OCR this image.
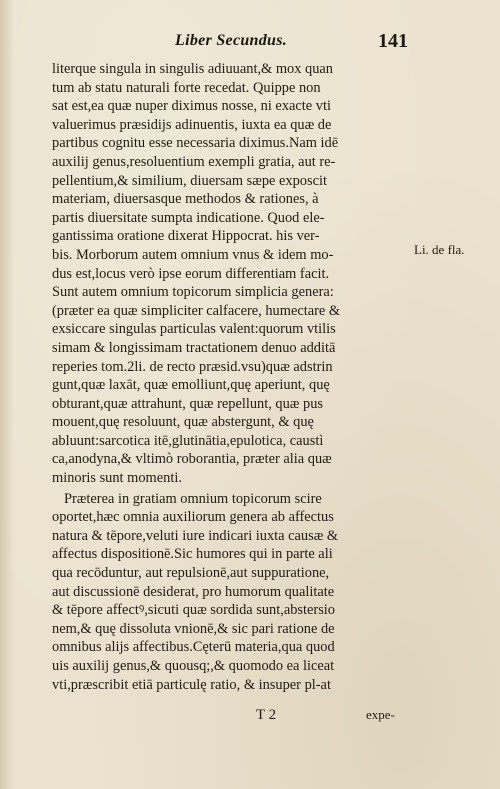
Liber Secundus.	141
literque singula in singulis adiuuant,& mox quan
tum ab statu naturali forte recedat. Quippe non
sat est,ea quæ nuper diximus nosse, ni exacte vti
valuerimus præsidijs adinuentis, iuxta ea quæ de
partibus cognitu esse necessaria diximus.Nam idē
auxilij genus,resoluentium exempli gratia, aut re-
pellentium,& similium, diuersam sæpe exposcit
materiam, diuersasque methodos & rationes, à
partis diuersitate sumpta indicatione. Quod ele-
gantissima oratione dixerat Hippocrat. his ver-
bis. Morborum autem omnium vnus & idem mo-
dus est,locus verò ipse eorum differentiam facit.
Sunt autem omnium topicorum simplicia genera:
(præter ea quæ simpliciter calfacere, humectare &
exsiccare singulas particulas valent:quorum vtilis
simam & longissimam tractationem denuo additā
reperies tom.2li. de recto præsid.vsu)quæ adstrin
gunt,quæ laxāt, quæ emolliunt,quę aperiunt, quę
obturant,quæ attrahunt, quæ repellunt, quæ pus
mouent,quę resoluunt, quæ abstergunt, & quę
abluunt:sarcotica itē,glutinātia,epulotica, caustì
ca,anodyna,& vltimò roborantia, præter alia quæ
minoris sunt momenti.
Præterea in gratiam omnium topicorum scire
oportet,hæc omnia auxiliorum genera ab affectus
natura & tēpore,veluti iure indicari iuxta causæ &
affectus dispositionē.Sic humores qui in parte ali
qua recōduntur, aut repulsionē,aut suppuratione,
aut discussionē desiderat, pro humorum qualitate
& tēpore affectꝰ,sicuti quæ sordida sunt,abstersio
nem,& quę dissoluta vnionē,& sic pari ratione de
omnibus alijs affectibus.Cęterū materia,qua quod
uis auxilij genus,& quousq;,& quomodo ea liceat
vti,præscribit etiā particulę ratio, & insuper pl-at
Li. de fla.
T 2	expe-
